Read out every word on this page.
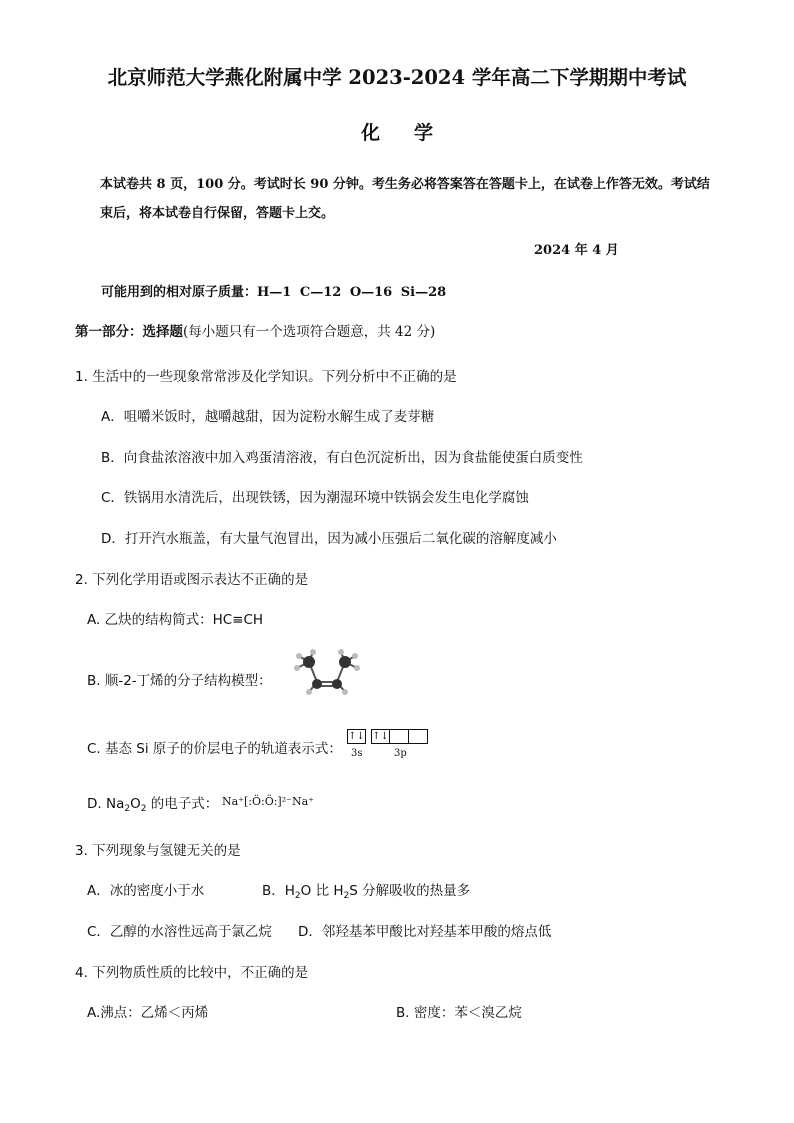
北京师范大学燕化附属中学 2023-2024 学年高二下学期期中考试
化 学
本试卷共 8 页，100 分。考试时长 90 分钟。考生务必将答案答在答题卡上，在试卷上作答无效。考试结束后，将本试卷自行保留，答题卡上交。
2024 年 4 月
可能用到的相对原子质量：H—1 C—12 O—16 Si—28
第一部分：选择题(每小题只有一个选项符合题意，共 42 分)
1. 生活中的一些现象常常涉及化学知识。下列分析中不正确的是
A．咀嚼米饭时，越嚼越甜，因为淀粉水解生成了麦芽糖
B．向食盐浓溶液中加入鸡蛋清溶液，有白色沉淀析出，因为食盐能使蛋白质变性
C．铁锅用水清洗后，出现铁锈，因为潮湿环境中铁锅会发生电化学腐蚀
D．打开汽水瓶盖，有大量气泡冒出，因为减小压强后二氧化碳的溶解度减小
2. 下列化学用语或图示表达不正确的是
A. 乙炔的结构简式：HC≡CH
B. 顺-2-丁烯的分子结构模型：
C. 基态 Si 原子的价层电子的轨道表示式：
↑↓ ↑↓
3s	3p
D. $Na_2O_2$ 的电子式： Na⁺[:Ö:Ö:]²⁻Na⁺
3. 下列现象与氢键无关的是
A．冰的密度小于水	B．$H_2O$ 比 $H_2S$ 分解吸收的热量多
C．乙醇的水溶性远高于氯乙烷 D．邻羟基苯甲酸比对羟基苯甲酸的熔点低
4. 下列物质性质的比较中，不正确的是
A.沸点：乙烯＜丙烯	B. 密度：苯＜溴乙烷
